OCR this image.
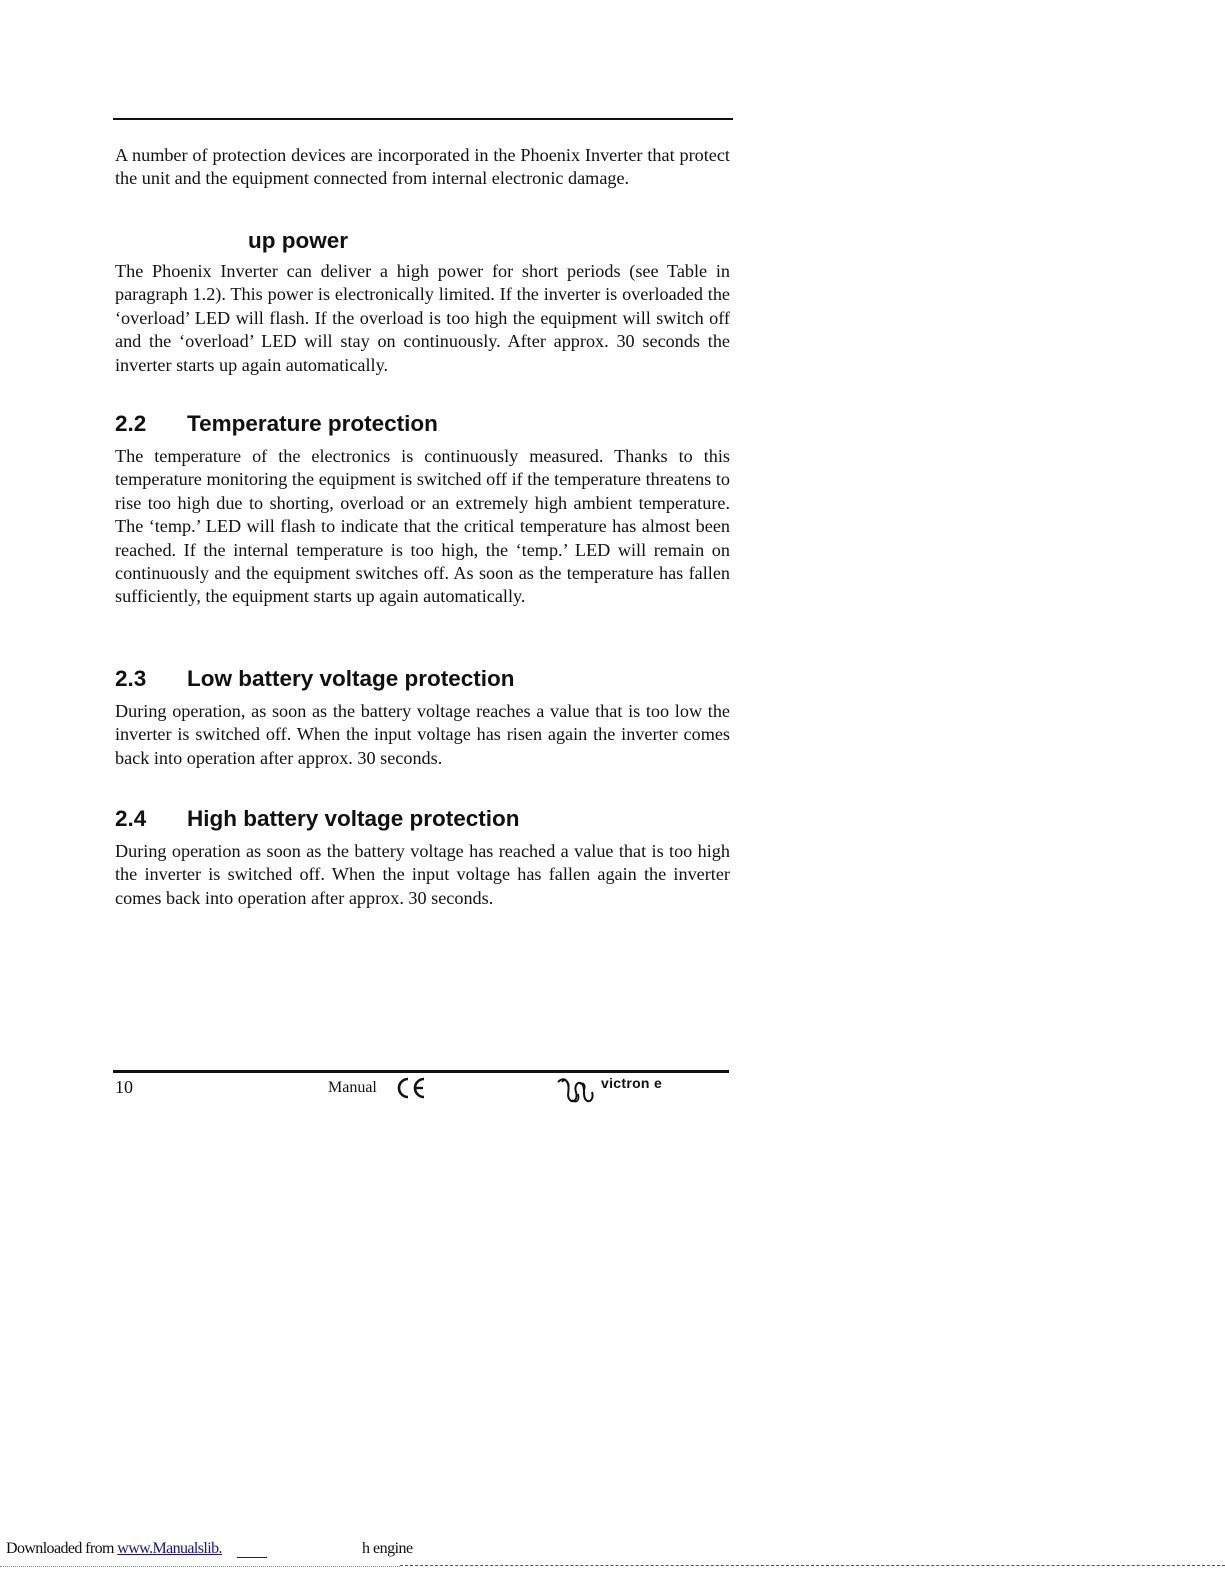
A number of protection devices are incorporated in the Phoenix Inverter that protect the unit and the equipment connected from internal electronic damage.

up power

The Phoenix Inverter can deliver a high power for short periods (see Table in paragraph 1.2). This power is electronically limited. If the inverter is overloaded the ‘overload’ LED will flash. If the overload is too high the equipment will switch off and the ‘overload’ LED will stay on continuously. After approx. 30 seconds the inverter starts up again automatically.

2.2 Temperature protection

The temperature of the electronics is continuously measured. Thanks to this temperature monitoring the equipment is switched off if the temperature threatens to rise too high due to shorting, overload or an extremely high ambient temperature. The ‘temp.’ LED will flash to indicate that the critical temperature has almost been reached. If the internal temperature is too high, the ‘temp.’ LED will remain on continuously and the equipment switches off. As soon as the temperature has fallen sufficiently, the equipment starts up again automatically.

2.3 Low battery voltage protection

During operation, as soon as the battery voltage reaches a value that is too low the inverter is switched off. When the input voltage has risen again the inverter comes back into operation after approx. 30 seconds.

2.4 High battery voltage protection

During operation as soon as the battery voltage has reached a value that is too high the inverter is switched off. When the input voltage has fallen again the inverter comes back into operation after approx. 30 seconds.

10	Manual	victron e
Downloaded from www.Manualslib.	h engine
